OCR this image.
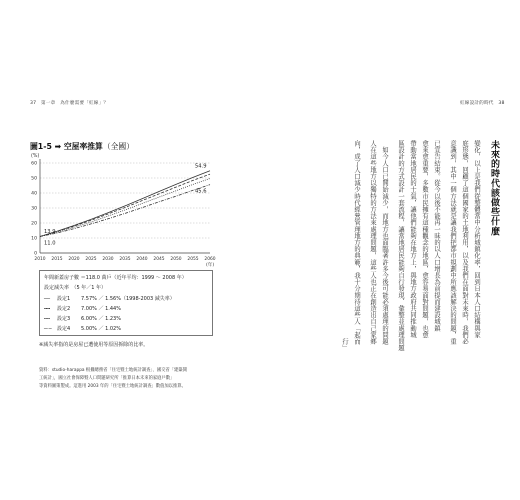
37　第一章　為什麼需要「紅線」？
圖1-5 ➡ 空屋率推算（全國）
0
10
20
30
40
50
60
2010 2015 2020 2025 2030 2035 2040 2045 2050 2055 2060
(%)
(年)
54.9
45.6
13.9
11.0
年間新蓋房子數 ＝118.0 萬戶（近年平均：1999 ～ 2008 年）
設定減失率　（5 年／1 年）
── 設定1 7.57% ／ 1.56%（1998-2003 減失率）
╍╍ 設定2 7.00% ／ 1.44%
┅┅ 設定3 6.00% ／ 1.23%
─·─ 設定4 5.00% ／ 1.02%
※減失率指的是房屋已遭使用等原因拆除的比率。
資料：studio-harappa 根據總務省「住宅暨土地統計調查」、國交省「建築開
工統計」，國立社會保障暨人口問題研究所「推算日本未來的家庭戶數」
等資料圖策製成。這進用 2003 年的「住宅暨土地統計調查」數值加以推算。
紅線設計的時代　38
未來的時代該做些什麼
變化，以上是我們從整體當中分析城鎮化率，回到日本人口結構與家
庭形態，回顧了這個國家的土地利用，以及我們在面對未來時，我們必
意識到，其中一個方法就是讓我們把都市規劃中所應該解決的問題，重
已宣告結束。從今以後不能再一昧的以人口增長為前提而建設城鎮
愈來愈重要，多數市民擁有這種觀念的地區，愈容易面對問題，也愈
帶動當地居民的士氣，讓他們能夠在地方上，與地方政府共同推動城
區設計的方式設計一套流程，讓當地居民能夠自行發現、彙整並處理問題
　如今人口已開始減少，而地方也面臨著許多今後可能必須處理的問題
人在這些地方以獨特的方法來處理問題，這些人也正在創造出自己家鄉
向，成了人口減少時代經營管理地方的典範，我十分期待這些人「起而
　　　　　　　　　　　　　　　　　　　　　　　　　　　　　　行」
